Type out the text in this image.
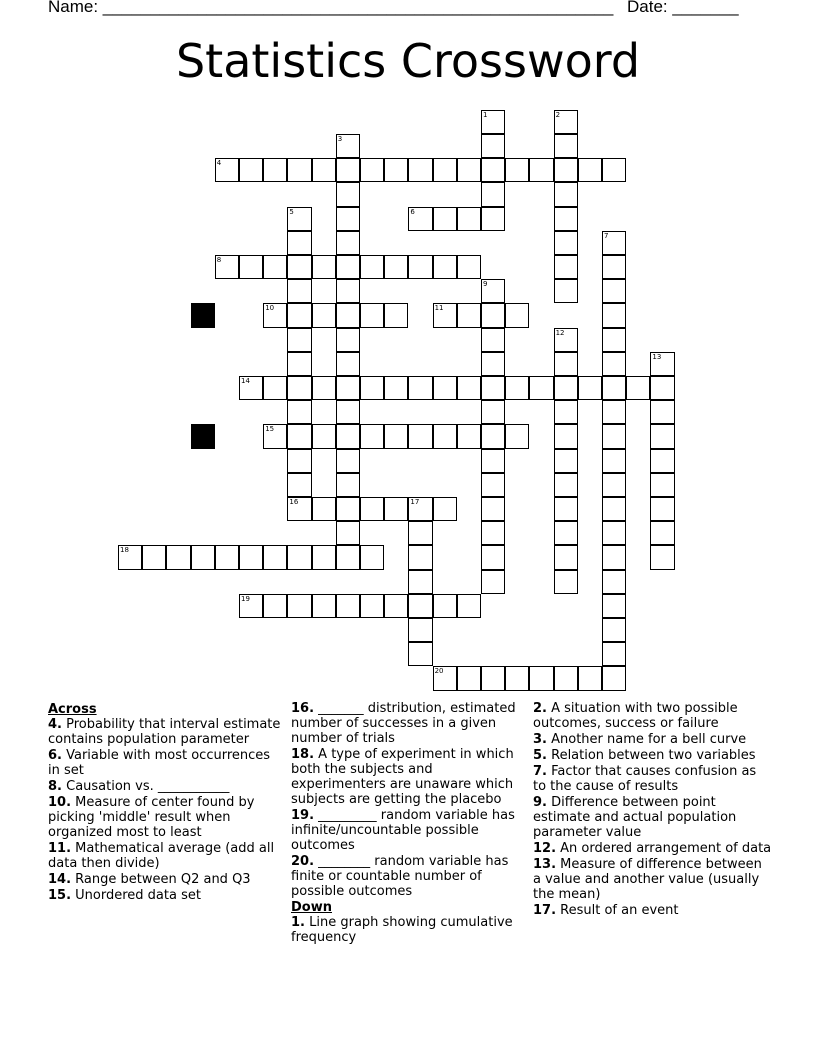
Name: ______________________________________________________ Date: _______
Statistics Crossword
1	2
3
4
5	6
7
8
9
10	11
12
13
14
15
16	17
18
19
20
Across
4. Probability that interval estimate contains population parameter
6. Variable with most occurrences in set
8. Causation vs. ___________
10. Measure of center found by picking 'middle' result when organized most to least
11. Mathematical average (add all data then divide)
14. Range between Q2 and Q3
15. Unordered data set
16. _______ distribution, estimated number of successes in a given number of trials
18. A type of experiment in which both the subjects and experimenters are unaware which subjects are getting the placebo
19. _________ random variable has infinite/uncountable possible outcomes
20. ________ random variable has finite or countable number of possible outcomes
Down
1. Line graph showing cumulative frequency
2. A situation with two possible outcomes, success or failure
3. Another name for a bell curve
5. Relation between two variables
7. Factor that causes confusion as to the cause of results
9. Difference between point estimate and actual population parameter value
12. An ordered arrangement of data
13. Measure of difference between a value and another value (usually the mean)
17. Result of an event
